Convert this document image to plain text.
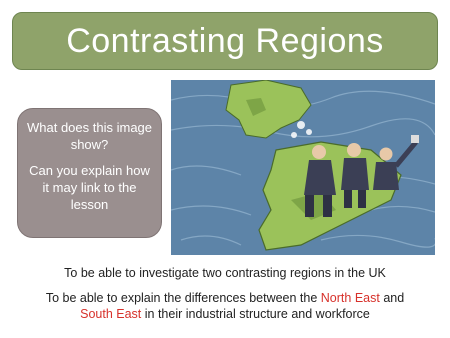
Contrasting Regions

What does this image show?

Can you explain how it may link to the lesson

To be able to investigate two contrasting regions in the UK
To be able to explain the differences between the North East and
South East in their industrial structure and workforce
